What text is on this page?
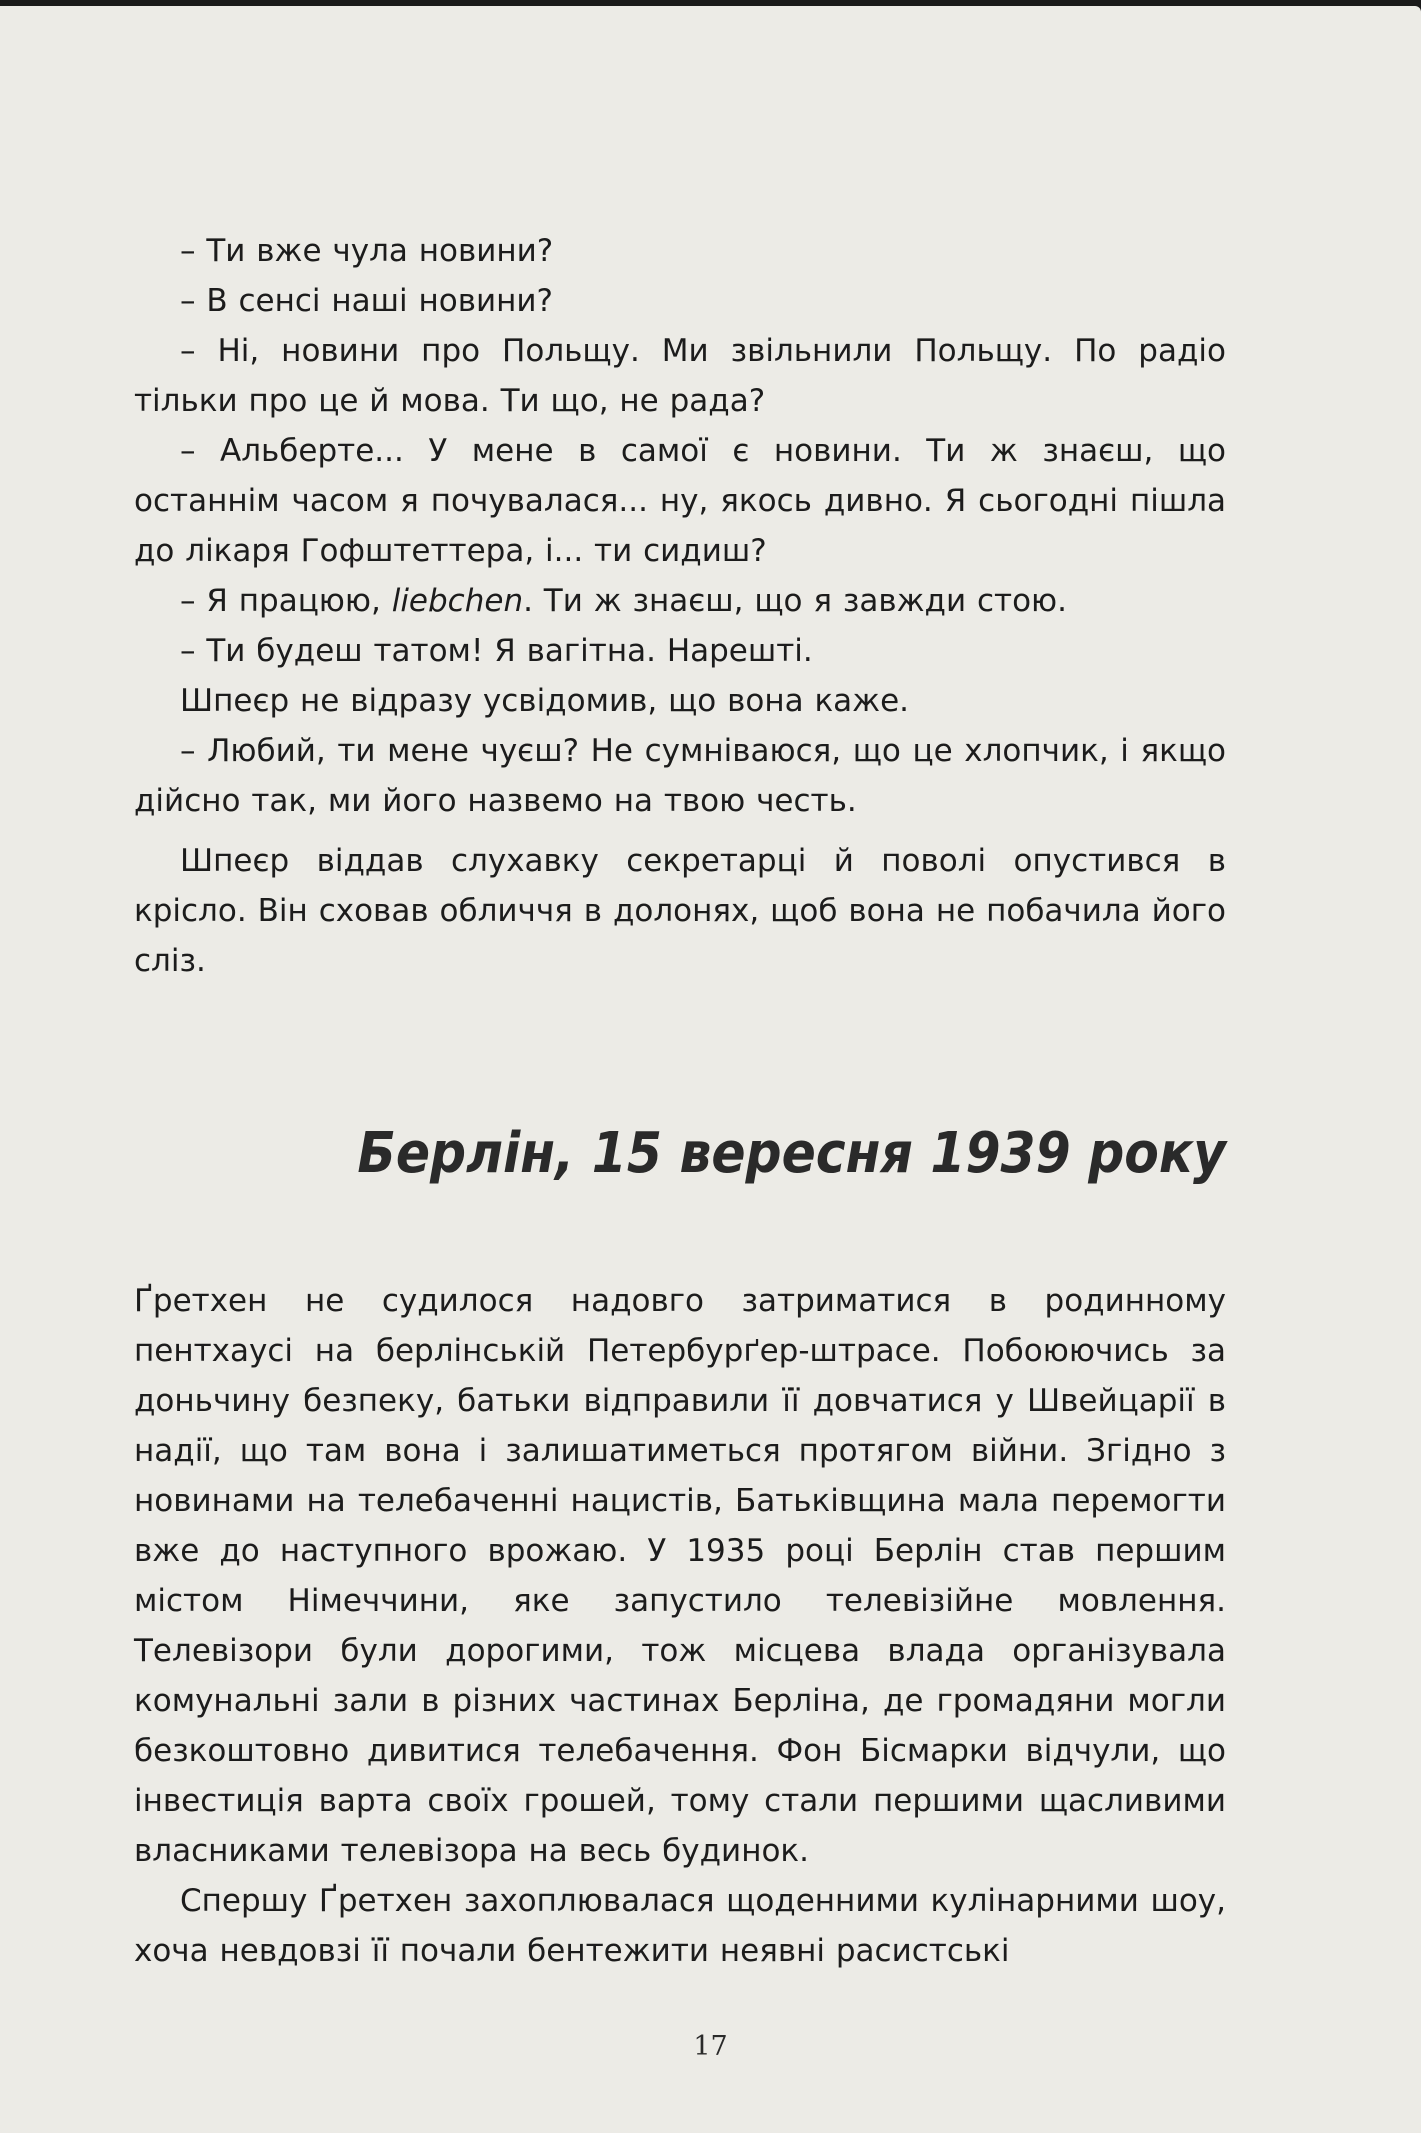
– Ти вже чула новини?

– В сенсі наші новини?

– Ні, новини про Польщу. Ми звільнили Польщу. По радіо тільки про це й мова. Ти що, не рада?

– Альберте... У мене в самої є новини. Ти ж знаєш, що останнім часом я почувалася... ну, якось дивно. Я сьогодні пішла до лікаря Гофштеттера, і... ти сидиш?

– Я працюю, liebchen. Ти ж знаєш, що я завжди стою.

– Ти будеш татом! Я вагітна. Нарешті.

Шпеєр не відразу усвідомив, що вона каже.

– Любий, ти мене чуєш? Не сумніваюся, що це хлопчик, і якщо дійсно так, ми його назвемо на твою честь.

Шпеєр віддав слухавку секретарці й поволі опустився в крісло. Він сховав обличчя в долонях, щоб вона не побачила його сліз.

Берлін, 15 вересня 1939 року

Ґретхен не судилося надовго затриматися в родинному пентхаусі на берлінській Петербурґер-штрасе. Побоюючись за доньчину безпеку, батьки відправили її довчатися у Швейцарії в надії, що там вона і залишатиметься протягом війни. Згідно з новинами на телебаченні нацистів, Батьківщина мала перемогти вже до наступного врожаю. У 1935 році Берлін став першим містом Німеччини, яке запустило телевізійне мовлення. Телевізори були дорогими, тож місцева влада організувала комунальні зали в різних частинах Берліна, де громадяни могли безкоштовно дивитися телебачення. Фон Бісмарки відчули, що інвестиція варта своїх грошей, тому стали першими щасливими власниками телевізора на весь будинок.

Спершу Ґретхен захоплювалася щоденними кулінарними шоу, хоча невдовзі її почали бентежити неявні расистські

17
